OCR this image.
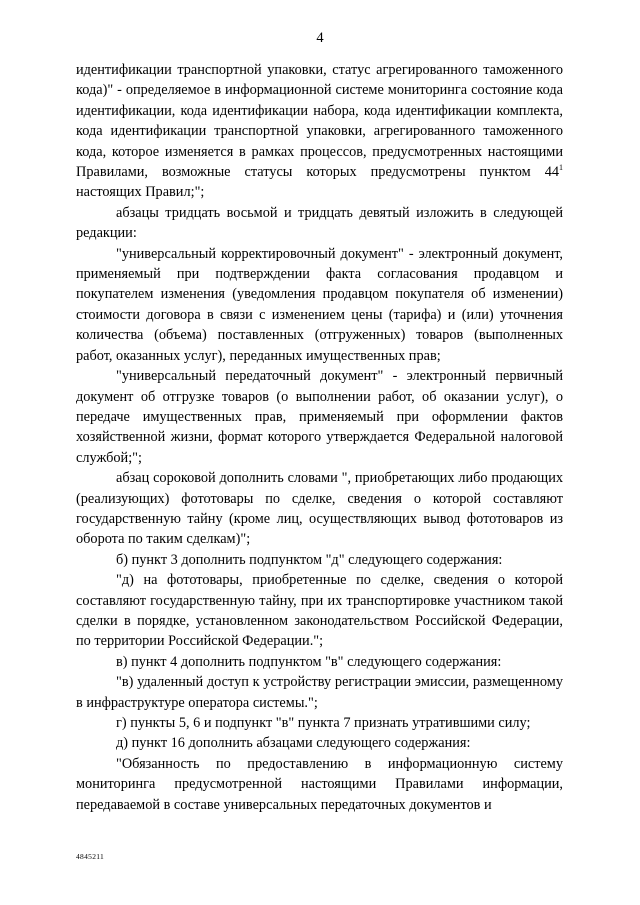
4

идентификации транспортной упаковки, статус агрегированного таможенного кода)" - определяемое в информационной системе мониторинга состояние кода идентификации, кода идентификации набора, кода идентификации комплекта, кода идентификации транспортной упаковки, агрегированного таможенного кода, которое изменяется в рамках процессов, предусмотренных настоящими Правилами, возможные статусы которых предусмотрены пунктом $44^1$ настоящих Правил;";

абзацы тридцать восьмой и тридцать девятый изложить в следующей редакции:

"универсальный корректировочный документ" - электронный документ, применяемый при подтверждении факта согласования продавцом и покупателем изменения (уведомления продавцом покупателя об изменении) стоимости договора в связи с изменением цены (тарифа) и (или) уточнения количества (объема) поставленных (отгруженных) товаров (выполненных работ, оказанных услуг), переданных имущественных прав;

"универсальный передаточный документ" - электронный первичный документ об отгрузке товаров (о выполнении работ, об оказании услуг), о передаче имущественных прав, применяемый при оформлении фактов хозяйственной жизни, формат которого утверждается Федеральной налоговой службой;";

абзац сороковой дополнить словами ", приобретающих либо продающих (реализующих) фототовары по сделке, сведения о которой составляют государственную тайну (кроме лиц, осуществляющих вывод фототоваров из оборота по таким сделкам)";

б) пункт 3 дополнить подпунктом "д" следующего содержания:

"д) на фототовары, приобретенные по сделке, сведения о которой составляют государственную тайну, при их транспортировке участником такой сделки в порядке, установленном законодательством Российской Федерации, по территории Российской Федерации.";

в) пункт 4 дополнить подпунктом "в" следующего содержания:

"в) удаленный доступ к устройству регистрации эмиссии, размещенному в инфраструктуре оператора системы.";

г) пункты 5, 6 и подпункт "в" пункта 7 признать утратившими силу;

д) пункт 16 дополнить абзацами следующего содержания:

"Обязанность по предоставлению в информационную систему мониторинга предусмотренной настоящими Правилами информации, передаваемой в составе универсальных передаточных документов и

4845211
